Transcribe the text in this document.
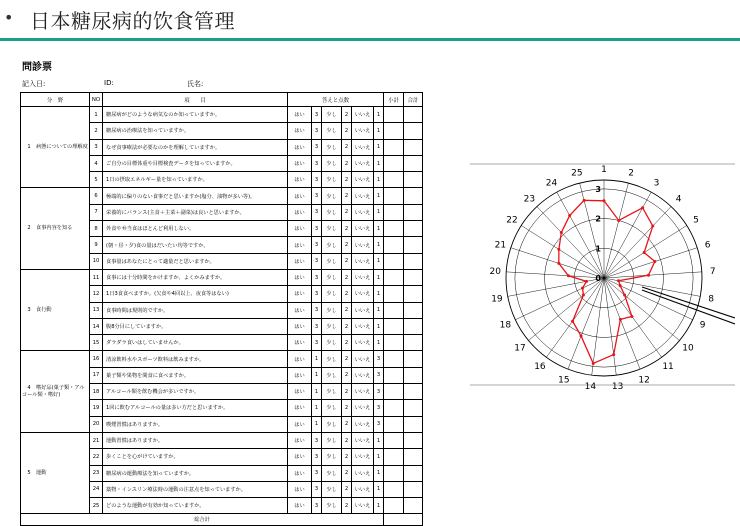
• 日本糖尿病的饮食管理
問診票
記入日:	ID:	氏名:
分　野	NO	項　　目	答えと点数						小計	合計
1 病態についての理解度	1	糖尿病がどのような病気なのか知っていますか。	はい	3	少し	2	いいえ	1		
	2	糖尿病の治療法を知っていますか。	はい	3	少し	2	いいえ	1		
	3	なぜ食事療法が必要なのかを理解していますか。	はい	3	少し	2	いいえ	1		
	4	ご自分の目標体重や目標検査データを知っていますか。	はい	3	少し	2	いいえ	1		
	5	1日の摂取エネルギー量を知っていますか。	はい	3	少し	2	いいえ	1		
2 食事内容を知る	6	極端的に偏りのない食事だと思いますか(塩分、油物が多い等)。	はい	3	少し	2	いいえ	1		
	7	栄養的にバランス(主食＋主菜＋副菜)は良いと思いますか。	はい	3	少し	2	いいえ	1		
	8	外食や弁当食はほとんど利用しない。	はい	3	少し	2	いいえ	1		
	9	(朝・昼・夕)食の量はだいたい均等ですか。	はい	3	少し	2	いいえ	1		
	10	食事量はあなたにとって適量だと思いますか。	はい	3	少し	2	いいえ	1		
3 食行動	11	食事には十分時間をかけますか、よくかみますか。	はい	3	少し	2	いいえ	1		
	12	1日3食食べますか。(欠食や4回以上、夜食等はない)	はい	3	少し	2	いいえ	1		
	13	食事時間は規則的ですか。	はい	3	少し	2	いいえ	1		
	14	腹8分目にしていますか。	はい	3	少し	2	いいえ	1		
	15	ダラダラ食いはしていませんか。	はい	3	少し	2	いいえ	1		
4 嗜好品(菓子類・アルコール類・嗜好)	16	清涼飲料水やスポーツ飲料は飲みますか。	はい	1	少し	2	いいえ	3		
	17	菓子類や果物を間食に食べますか。	はい	1	少し	2	いいえ	3		
	18	アルコール類を飲む機会が多いですか。	はい	1	少し	2	いいえ	3		
	19	1回に飲むアルコールの量は多い方だと思いますか。	はい	1	少し	2	いいえ	3		
	20	喫煙習慣はありますか。	はい	1	少し	2	いいえ	3		
5 運動	21	運動習慣はありますか。	はい	3	少し	2	いいえ	1		
	22	歩くことを心がけていますか。	はい	3	少し	2	いいえ	1		
	23	糖尿病の運動療法を知っていますか。	はい	3	少し	2	いいえ	1		
	24	薬物・インスリン療法時の運動の注意点を知っていますか。	はい	3	少し	2	いいえ	1		
	25	どのような運動が有効か知っていますか。	はい	3	少し	2	いいえ	1		
総合計										
0
1
2
3
1 2
3
4
5
6
7
8
9
10
11
12
13
14
15
16
17
18
19
20
21
22
23
24
25
